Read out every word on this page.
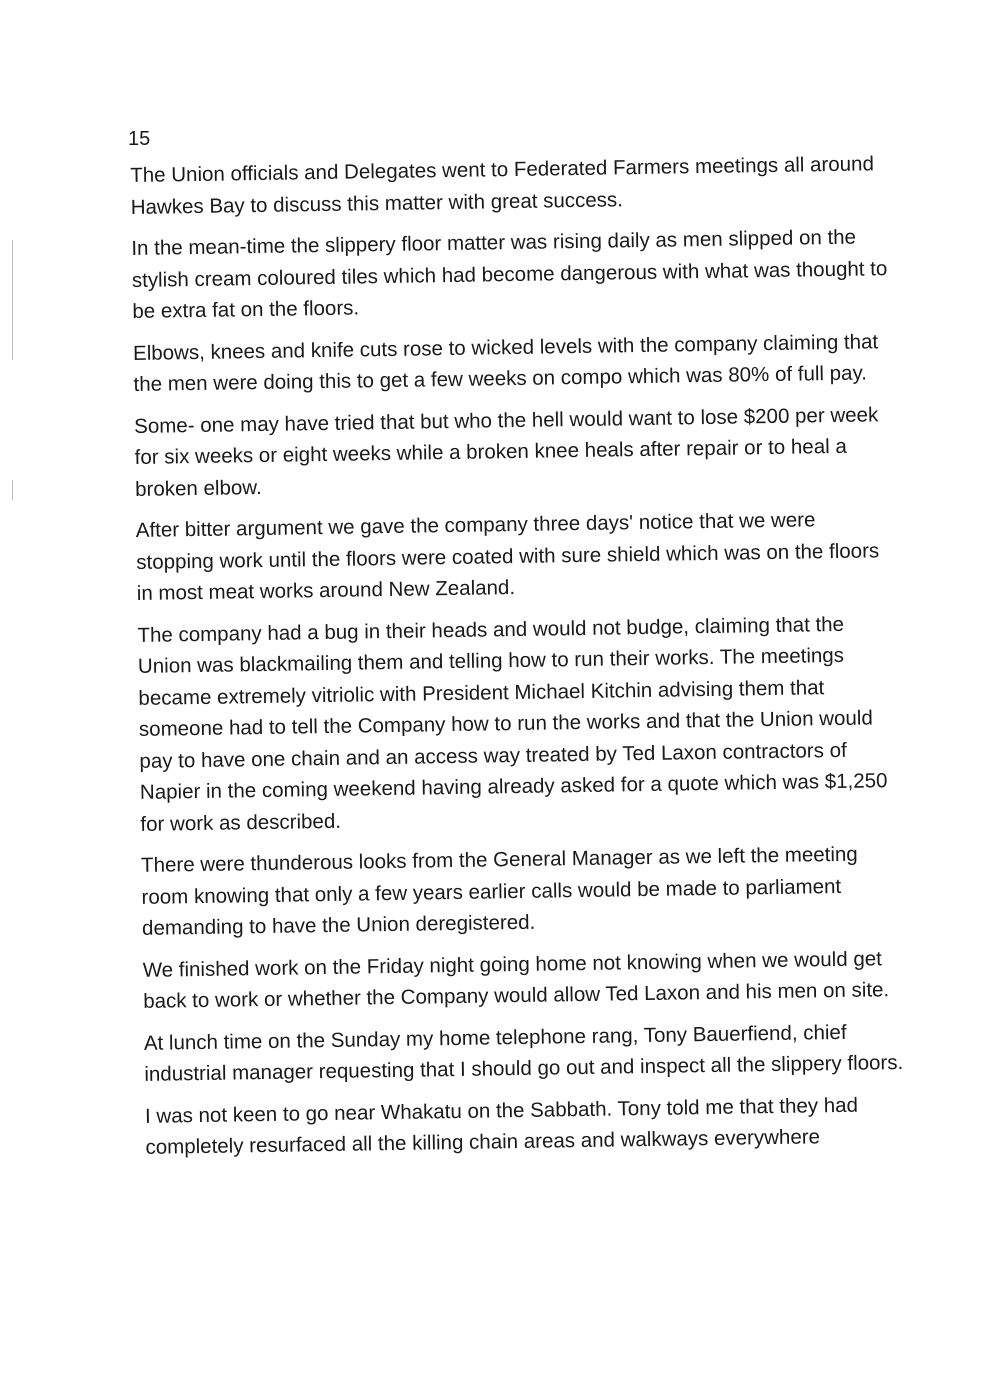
15

The Union officials and Delegates went to Federated Farmers meetings all around Hawkes Bay to discuss this matter with great success.

In the mean-time the slippery floor matter was rising daily as men slipped on the stylish cream coloured tiles which had become dangerous with what was thought to be extra fat on the floors.

Elbows, knees and knife cuts rose to wicked levels with the company claiming that the men were doing this to get a few weeks on compo which was 80% of full pay.

Some- one may have tried that but who the hell would want to lose $200 per week for six weeks or eight weeks while a broken knee heals after repair or to heal a broken elbow.

After bitter argument we gave the company three days' notice that we were stopping work until the floors were coated with sure shield which was on the floors in most meat works around New Zealand.

The company had a bug in their heads and would not budge, claiming that the Union was blackmailing them and telling how to run their works. The meetings became extremely vitriolic with President Michael Kitchin advising them that someone had to tell the Company how to run the works and that the Union would pay to have one chain and an access way treated by Ted Laxon contractors of Napier in the coming weekend having already asked for a quote which was $1,250 for work as described.

There were thunderous looks from the General Manager as we left the meeting room knowing that only a few years earlier calls would be made to parliament demanding to have the Union deregistered.

We finished work on the Friday night going home not knowing when we would get back to work or whether the Company would allow Ted Laxon and his men on site.

At lunch time on the Sunday my home telephone rang, Tony Bauerfiend, chief industrial manager requesting that I should go out and inspect all the slippery floors.

I was not keen to go near Whakatu on the Sabbath. Tony told me that they had completely resurfaced all the killing chain areas and walkways everywhere
